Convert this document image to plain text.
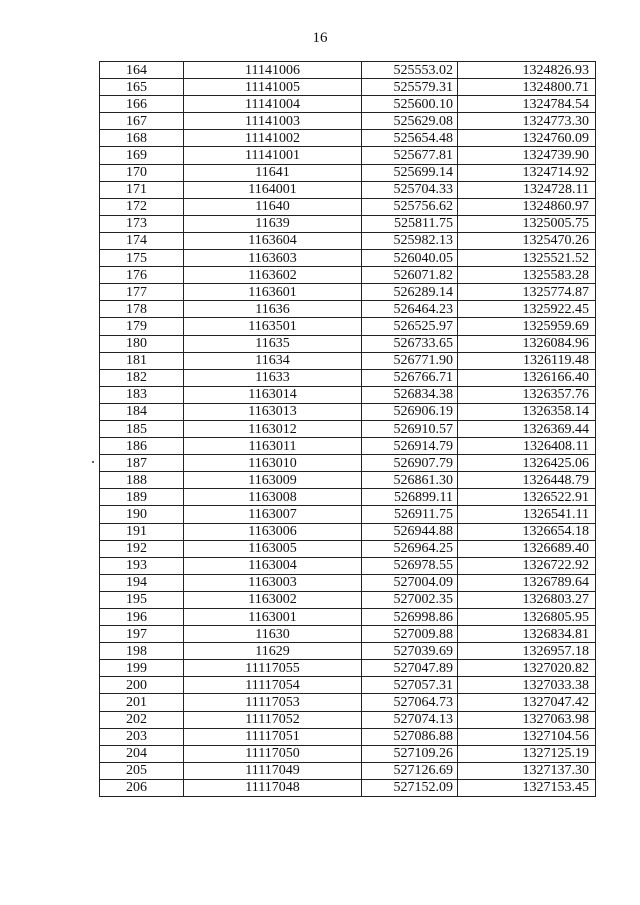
16
164	11141006	525553.02	1324826.93
165	11141005	525579.31	1324800.71
166	11141004	525600.10	1324784.54
167	11141003	525629.08	1324773.30
168	11141002	525654.48	1324760.09
169	11141001	525677.81	1324739.90
170	11641	525699.14	1324714.92
171	1164001	525704.33	1324728.11
172	11640	525756.62	1324860.97
173	11639	525811.75	1325005.75
174	1163604	525982.13	1325470.26
175	1163603	526040.05	1325521.52
176	1163602	526071.82	1325583.28
177	1163601	526289.14	1325774.87
178	11636	526464.23	1325922.45
179	1163501	526525.97	1325959.69
180	11635	526733.65	1326084.96
181	11634	526771.90	1326119.48
182	11633	526766.71	1326166.40
183	1163014	526834.38	1326357.76
184	1163013	526906.19	1326358.14
185	1163012	526910.57	1326369.44
186	1163011	526914.79	1326408.11
187	1163010	526907.79	1326425.06
188	1163009	526861.30	1326448.79
189	1163008	526899.11	1326522.91
190	1163007	526911.75	1326541.11
191	1163006	526944.88	1326654.18
192	1163005	526964.25	1326689.40
193	1163004	526978.55	1326722.92
194	1163003	527004.09	1326789.64
195	1163002	527002.35	1326803.27
196	1163001	526998.86	1326805.95
197	11630	527009.88	1326834.81
198	11629	527039.69	1326957.18
199	11117055	527047.89	1327020.82
200	11117054	527057.31	1327033.38
201	11117053	527064.73	1327047.42
202	11117052	527074.13	1327063.98
203	11117051	527086.88	1327104.56
204	11117050	527109.26	1327125.19
205	11117049	527126.69	1327137.30
206	11117048	527152.09	1327153.45
